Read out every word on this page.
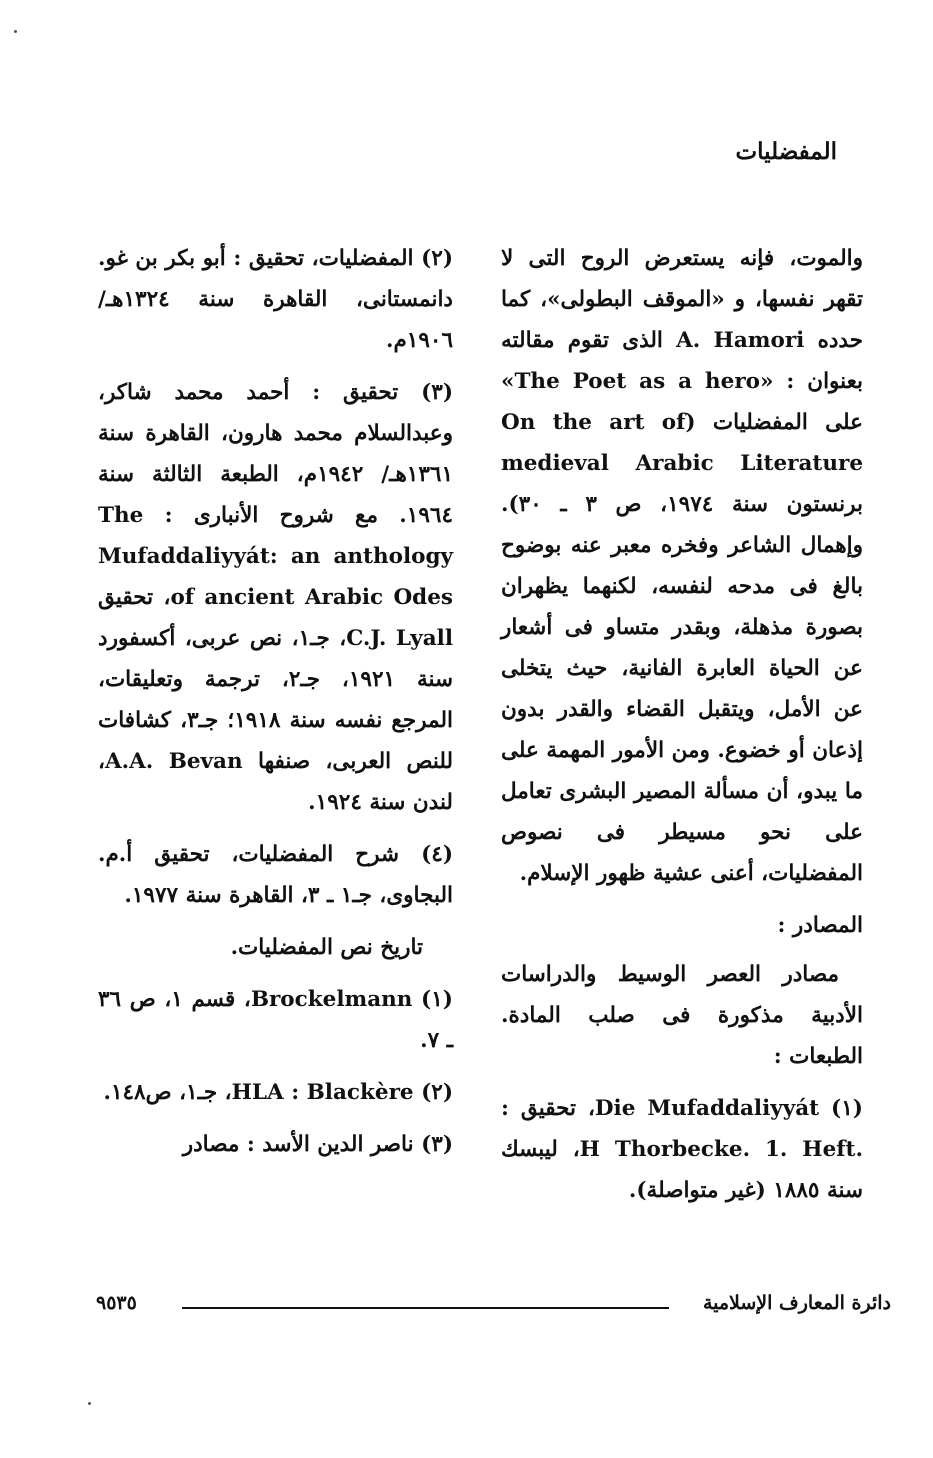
المفضليات

والموت، فإنه يستعرض الروح التى لا تقهر نفسها، و «الموقف البطولى»، كما حدده A. Hamori الذى تقوم مقالته بعنوان : «The Poet as a hero» على المفضليات (On the art of medieval Arabic Literature برنستون سنة ١٩٧٤، ص ٣ ـ ٣٠). وإهمال الشاعر وفخره معبر عنه بوضوح بالغ فى مدحه لنفسه، لكنهما يظهران بصورة مذهلة، وبقدر متساو فى أشعار عن الحياة العابرة الفانية، حيث يتخلى عن الأمل، ويتقبل القضاء والقدر بدون إذعان أو خضوع. ومن الأمور المهمة على ما يبدو، أن مسألة المصير البشرى تعامل على نحو مسيطر فى نصوص المفضليات، أعنى عشية ظهور الإسلام.

المصادر :

مصادر العصر الوسيط والدراسات الأدبية مذكورة فى صلب المادة. الطبعات :

(١) Die Mufaddaliyyát، تحقيق : .H Thorbecke. 1. Heft، ليبسك سنة ١٨٨٥ (غير متواصلة).

(٢) المفضليات، تحقيق : أبو بكر بن غو. دانمستانى، القاهرة سنة ١٣٢٤هـ/ ١٩٠٦م.

(٣) تحقيق : أحمد محمد شاكر، وعبدالسلام محمد هارون، القاهرة سنة ١٣٦١هـ/ ١٩٤٢م، الطبعة الثالثة سنة ١٩٦٤. مع شروح الأنبارى : The Mufaddaliyyát: an anthology of ancient Arabic Odes، تحقيق C.J. Lyall، جـ١، نص عربى، أكسفورد سنة ١٩٢١، جـ٢، ترجمة وتعليقات، المرجع نفسه سنة ١٩١٨؛ جـ٣، كشافات للنص العربى، صنفها A.A. Bevan، لندن سنة ١٩٢٤.

(٤) شرح المفضليات، تحقيق أ.م. البجاوى، جـ١ ـ ٣، القاهرة سنة ١٩٧٧.

تاريخ نص المفضليات.

(١) Brockelmann، قسم ١، ص ٣٦ ـ ٧.

(٢) HLA : Blackère، جـ١، ص١٤٨.

(٣) ناصر الدين الأسد : مصادر

دائرة المعارف الإسلامية
٩٥٣٥
